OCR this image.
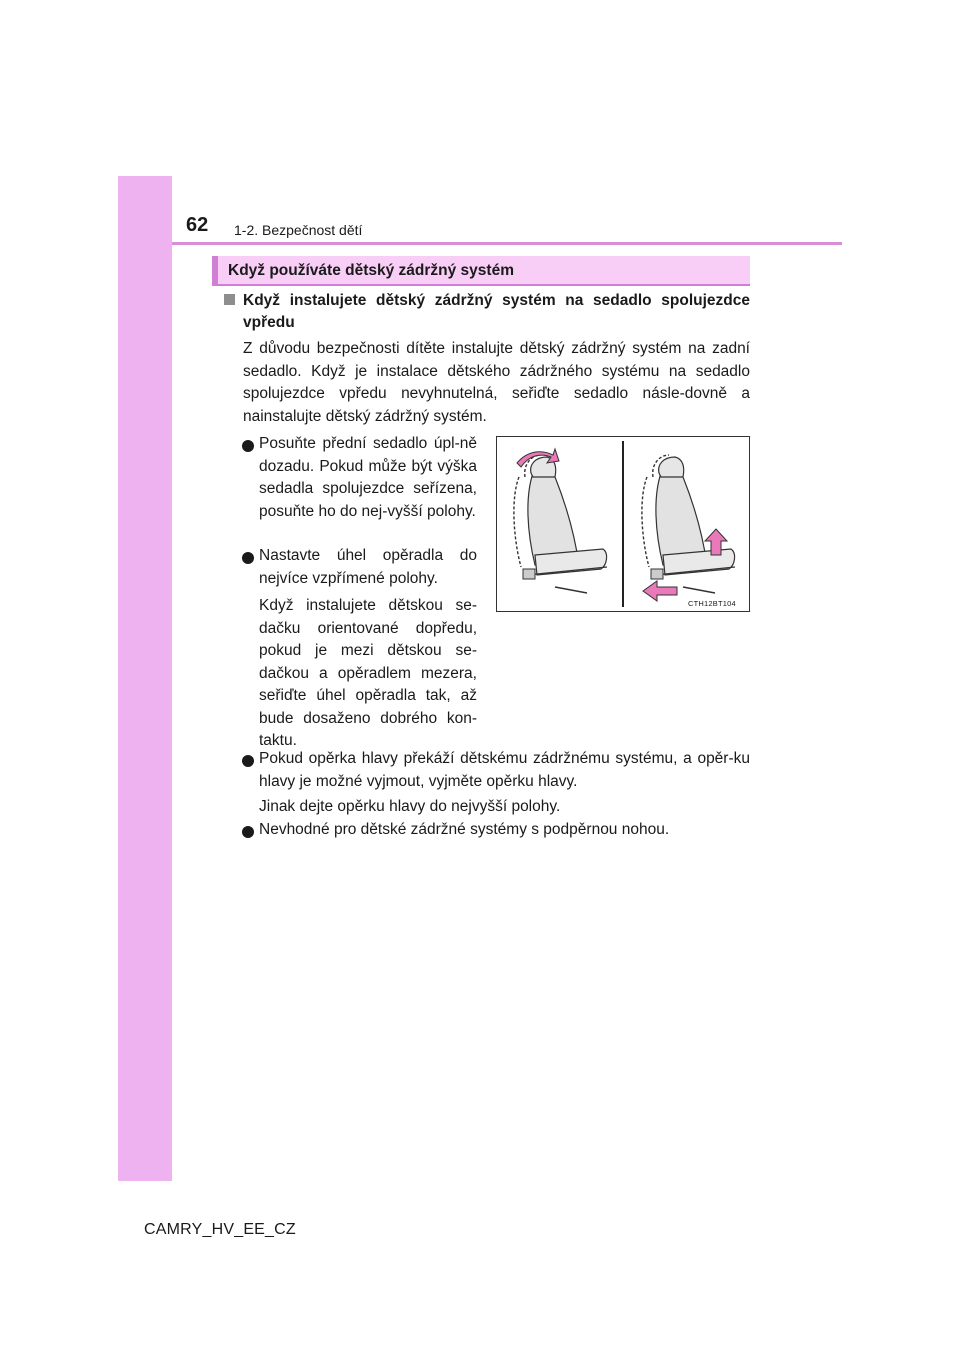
62 1-2. Bezpečnost dětí
Když používáte dětský zádržný systém
Když instalujete dětský zádržný systém na sedadlo spolujezdce vpředu
Z důvodu bezpečnosti dítěte instalujte dětský zádržný systém na zadní sedadlo. Když je instalace dětského zádržného systému na sedadlo spolujezdce vpředu nevyhnutelná, seřiďte sedadlo násle-dovně a nainstalujte dětský zádržný systém.
Posuňte přední sedadlo úpl-ně dozadu. Pokud může být výška sedadla spolujezdce seřízena, posuňte ho do nej-vyšší polohy.
Nastavte úhel opěradla do nejvíce vzpřímené polohy.
Když instalujete dětskou se-dačku orientované dopředu, pokud je mezi dětskou se-dačkou a opěradlem mezera, seřiďte úhel opěradla tak, až bude dosaženo dobrého kon-taktu.
Pokud opěrka hlavy překáží dětskému zádržnému systému, a opěr-ku hlavy je možné vyjmout, vyjměte opěrku hlavy.
Jinak dejte opěrku hlavy do nejvyšší polohy.
Nevhodné pro dětské zádržné systémy s podpěrnou nohou.
CTH12BT104
CAMRY_HV_EE_CZ
